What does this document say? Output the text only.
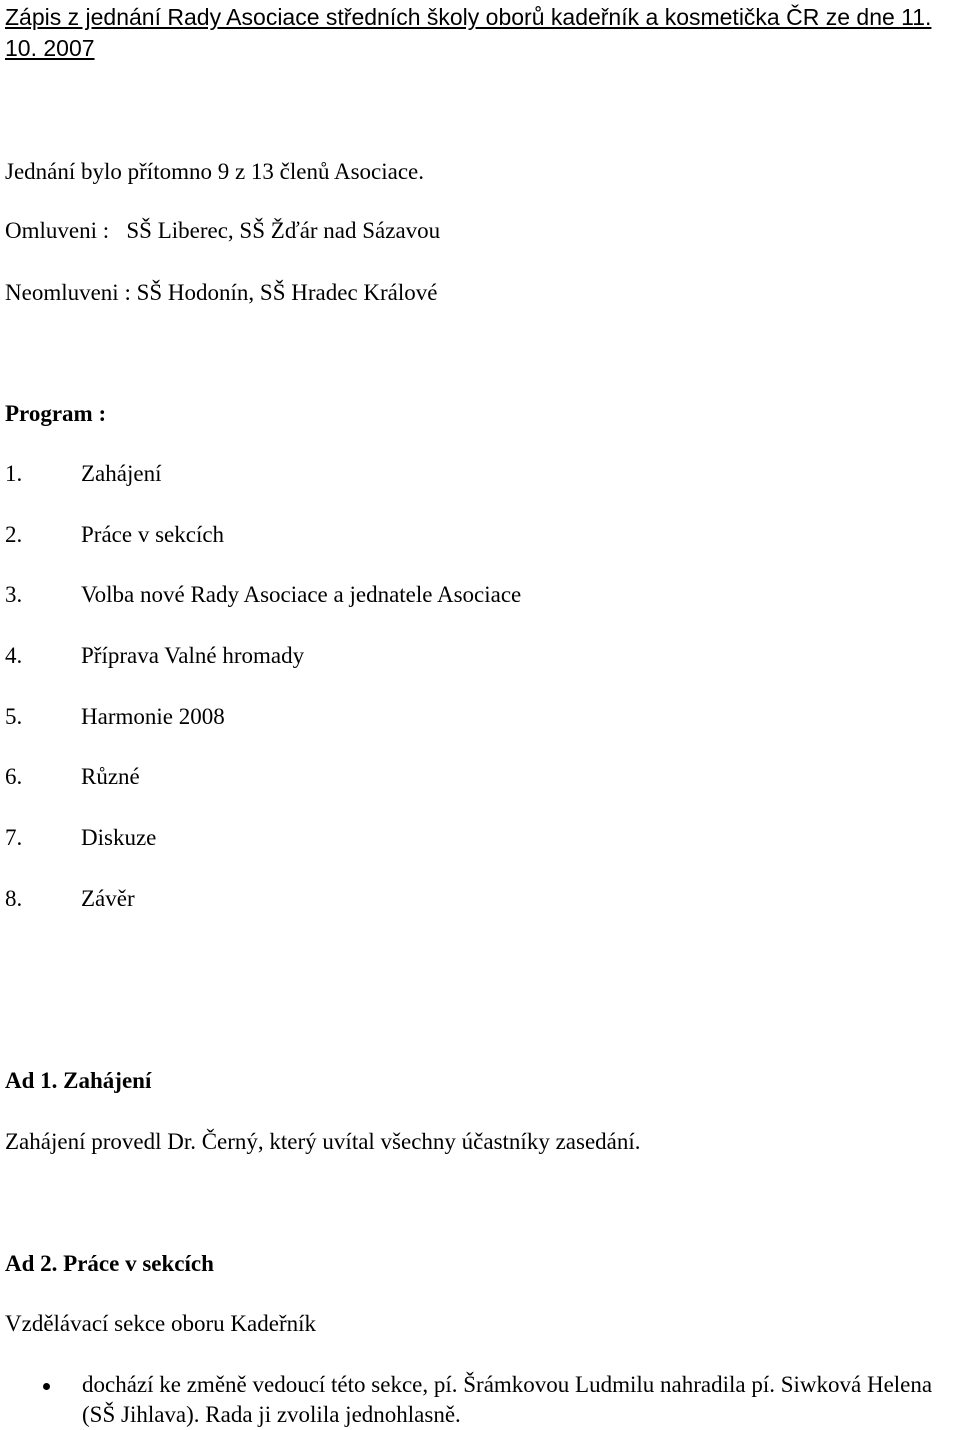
Zápis z jednání Rady Asociace středních školy oborů kadeřník a kosmetička ČR ze dne 11. 10. 2007

Jednání bylo přítomno 9 z 13 členů Asociace.

Omluveni :   SŠ Liberec, SŠ Žďár nad Sázavou

Neomluveni : SŠ Hodonín, SŠ Hradec Králové

Program :

1.	Zahájení
2.	Práce v sekcích
3.	Volba nové Rady Asociace a jednatele Asociace
4.	Příprava Valné hromady
5.	Harmonie 2008
6.	Různé
7.	Diskuze
8.	Závěr

Ad 1. Zahájení

Zahájení provedl Dr. Černý, který uvítal všechny účastníky zasedání.

Ad 2. Práce v sekcích

Vzdělávací sekce oboru Kadeřník

dochází ke změně vedoucí této sekce, pí. Šrámkovou Ludmilu nahradila pí. Siwková Helena (SŠ Jihlava). Rada ji zvolila jednohlasně.
